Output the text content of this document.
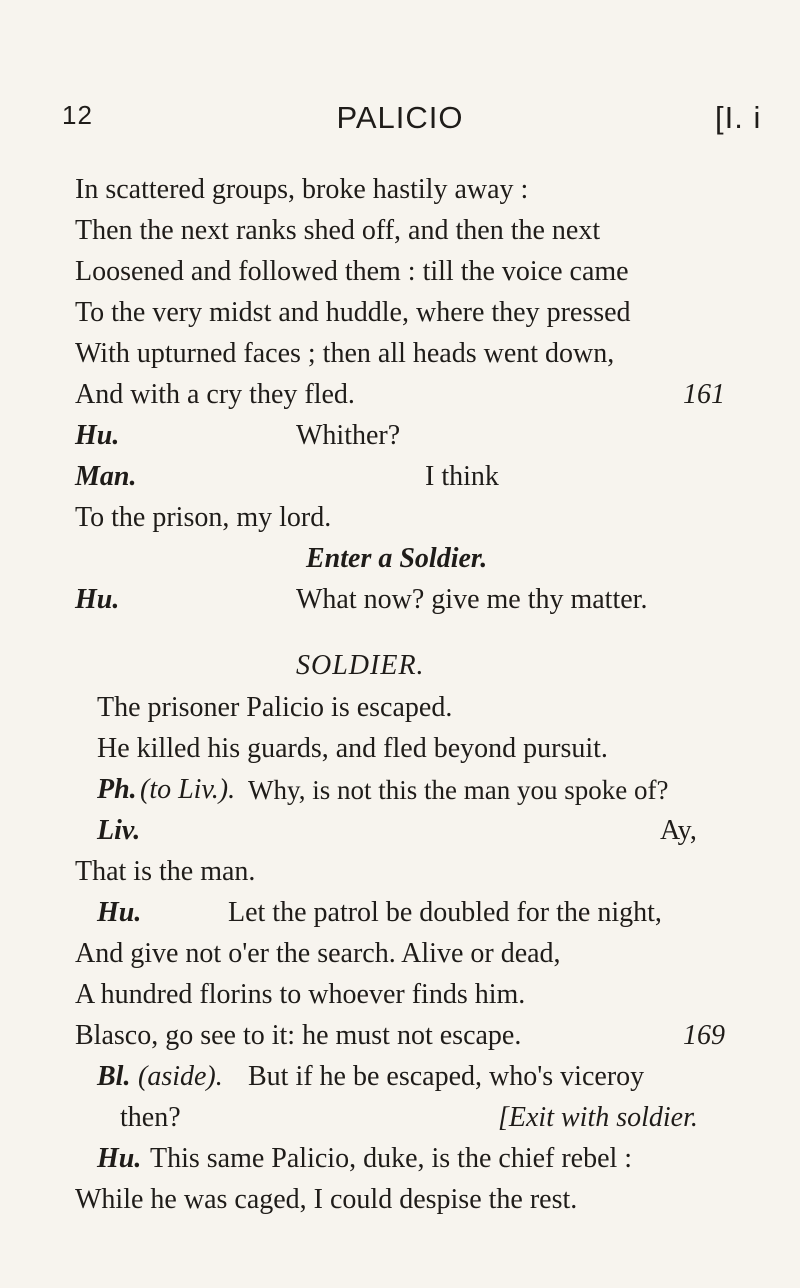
12	PALICIO	[I. i
In scattered groups, broke hastily away :
Then the next ranks shed off, and then the next
Loosened and followed them : till the voice came
To the very midst and huddle, where they pressed
With upturned faces ; then all heads went down,
And with a cry they fled.	161
Hu.	Whither?
Man.	I think
To the prison, my lord.
Enter a Soldier.
Hu.	What now? give me thy matter.
SOLDIER.
The prisoner Palicio is escaped.
He killed his guards, and fled beyond pursuit.
Ph. (to Liv.). Why, is not this the man you spoke of?
Liv.	Ay,
That is the man.
Hu.	Let the patrol be doubled for the night,
And give not o'er the search. Alive or dead,
A hundred florins to whoever finds him.
Blasco, go see to it: he must not escape.	169
Bl. (aside). But if he be escaped, who's viceroy
then?	[Exit with soldier.
Hu. This same Palicio, duke, is the chief rebel :
While he was caged, I could despise the rest.
